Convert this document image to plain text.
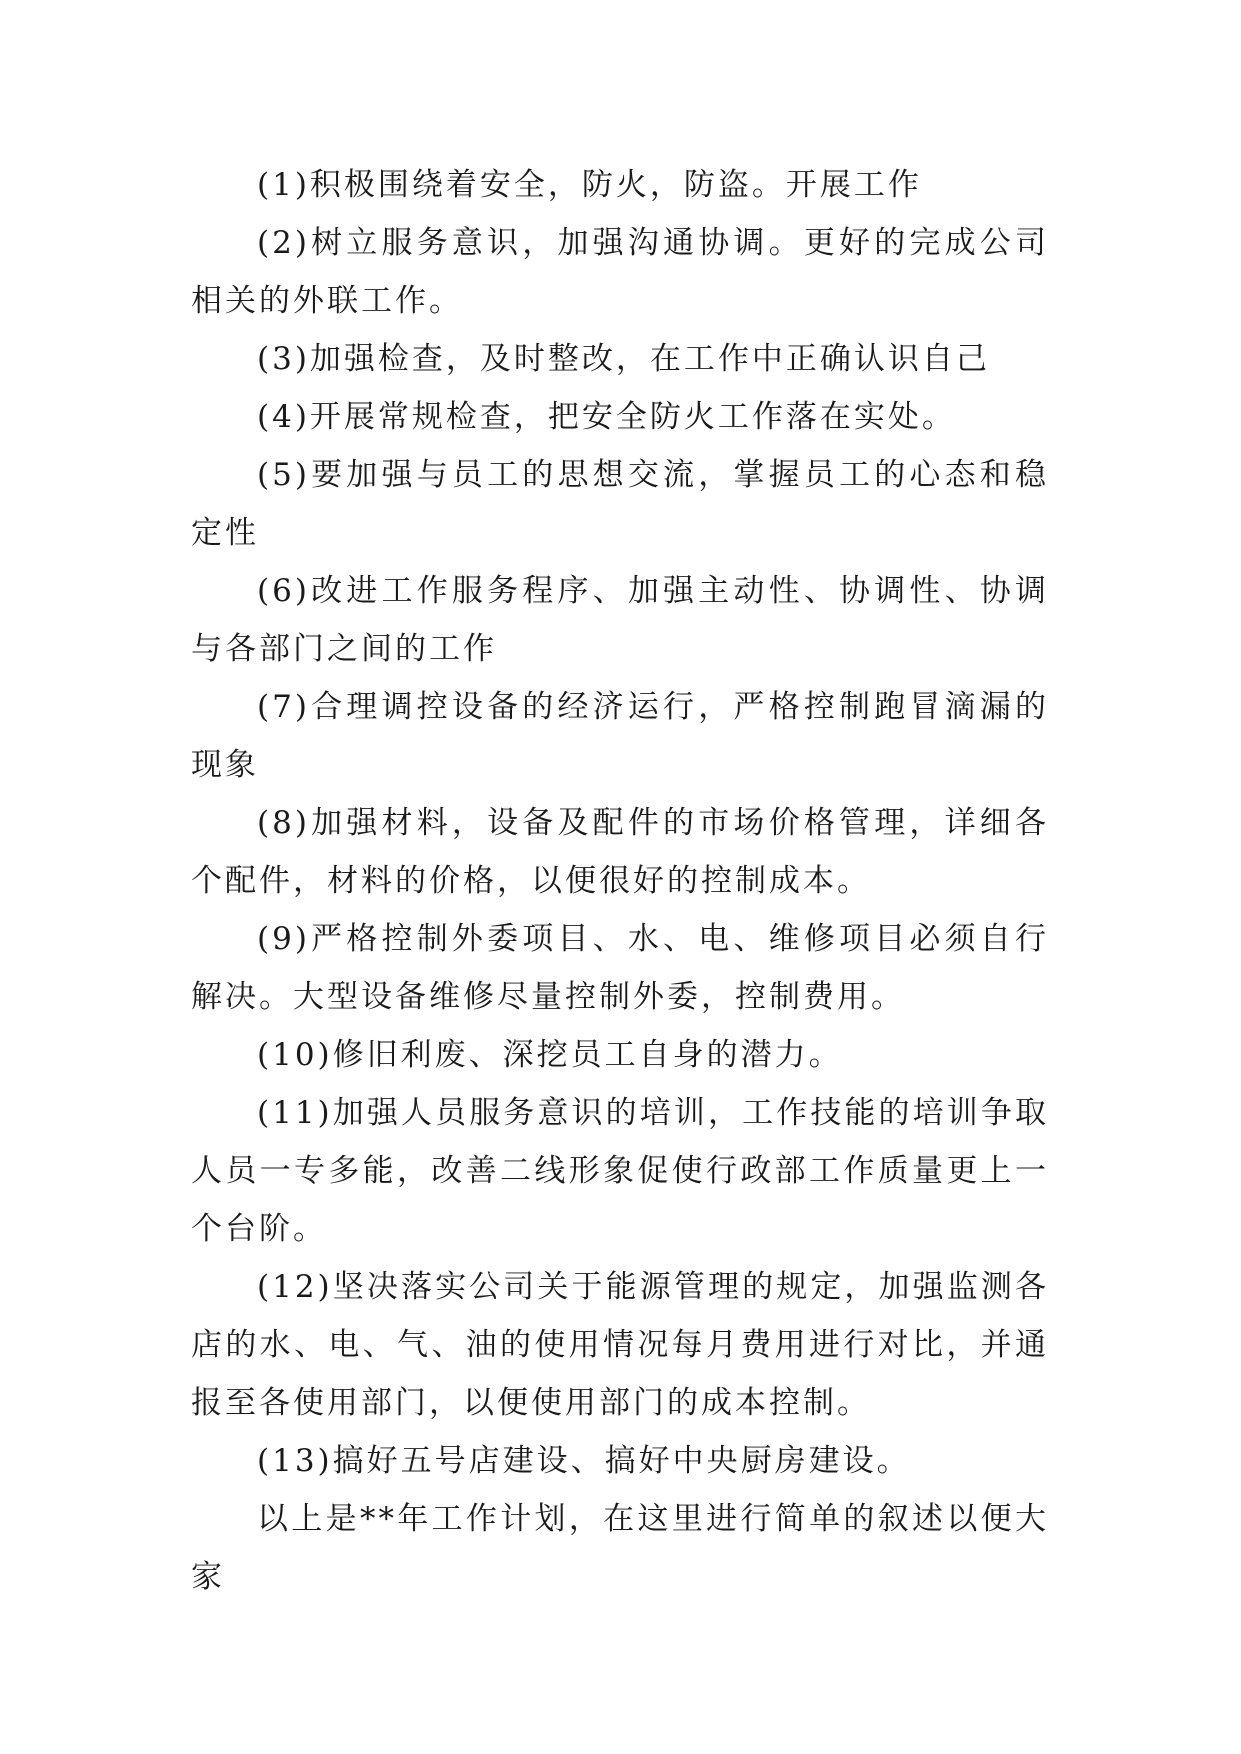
(1)积极围绕着安全，防火，防盗。开展工作

(2)树立服务意识，加强沟通协调。更好的完成公司相关的外联工作。

(3)加强检查，及时整改，在工作中正确认识自己

(4)开展常规检查，把安全防火工作落在实处。

(5)要加强与员工的思想交流，掌握员工的心态和稳定性

(6)改进工作服务程序、加强主动性、协调性、协调与各部门之间的工作

(7)合理调控设备的经济运行，严格控制跑冒滴漏的现象

(8)加强材料，设备及配件的市场价格管理，详细各个配件，材料的价格，以便很好的控制成本。

(9)严格控制外委项目、水、电、维修项目必须自行解决。大型设备维修尽量控制外委，控制费用。

(10)修旧利废、深挖员工自身的潜力。

(11)加强人员服务意识的培训，工作技能的培训争取人员一专多能，改善二线形象促使行政部工作质量更上一个台阶。

(12)坚决落实公司关于能源管理的规定，加强监测各店的水、电、气、油的使用情况每月费用进行对比，并通报至各使用部门，以便使用部门的成本控制。

(13)搞好五号店建设、搞好中央厨房建设。

以上是**年工作计划，在这里进行简单的叙述以便大家
